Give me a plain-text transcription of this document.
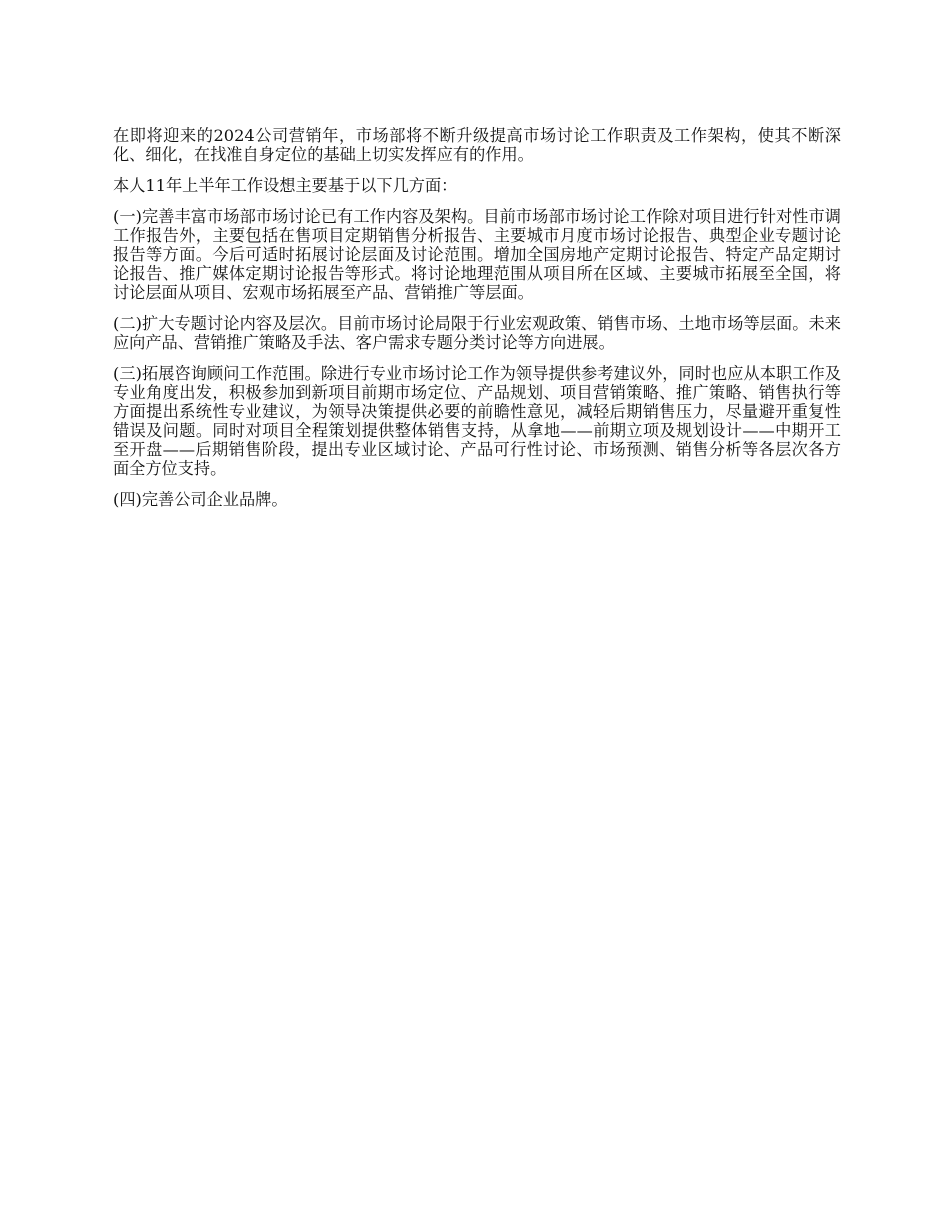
在即将迎来的2024公司营销年，市场部将不断升级提高市场讨论工作职责及工作架构，使其不断深化、细化，在找准自身定位的基础上切实发挥应有的作用。

本人11年上半年工作设想主要基于以下几方面：

(一)完善丰富市场部市场讨论已有工作内容及架构。目前市场部市场讨论工作除对项目进行针对性市调工作报告外，主要包括在售项目定期销售分析报告、主要城市月度市场讨论报告、典型企业专题讨论报告等方面。今后可适时拓展讨论层面及讨论范围。增加全国房地产定期讨论报告、特定产品定期讨论报告、推广媒体定期讨论报告等形式。将讨论地理范围从项目所在区域、主要城市拓展至全国，将讨论层面从项目、宏观市场拓展至产品、营销推广等层面。

(二)扩大专题讨论内容及层次。目前市场讨论局限于行业宏观政策、销售市场、土地市场等层面。未来应向产品、营销推广策略及手法、客户需求专题分类讨论等方向进展。

(三)拓展咨询顾问工作范围。除进行专业市场讨论工作为领导提供参考建议外，同时也应从本职工作及专业角度出发，积极参加到新项目前期市场定位、产品规划、项目营销策略、推广策略、销售执行等方面提出系统性专业建议，为领导决策提供必要的前瞻性意见，减轻后期销售压力，尽量避开重复性错误及问题。同时对项目全程策划提供整体销售支持，从拿地——前期立项及规划设计——中期开工至开盘——后期销售阶段，提出专业区域讨论、产品可行性讨论、市场预测、销售分析等各层次各方面全方位支持。

(四)完善公司企业品牌。
